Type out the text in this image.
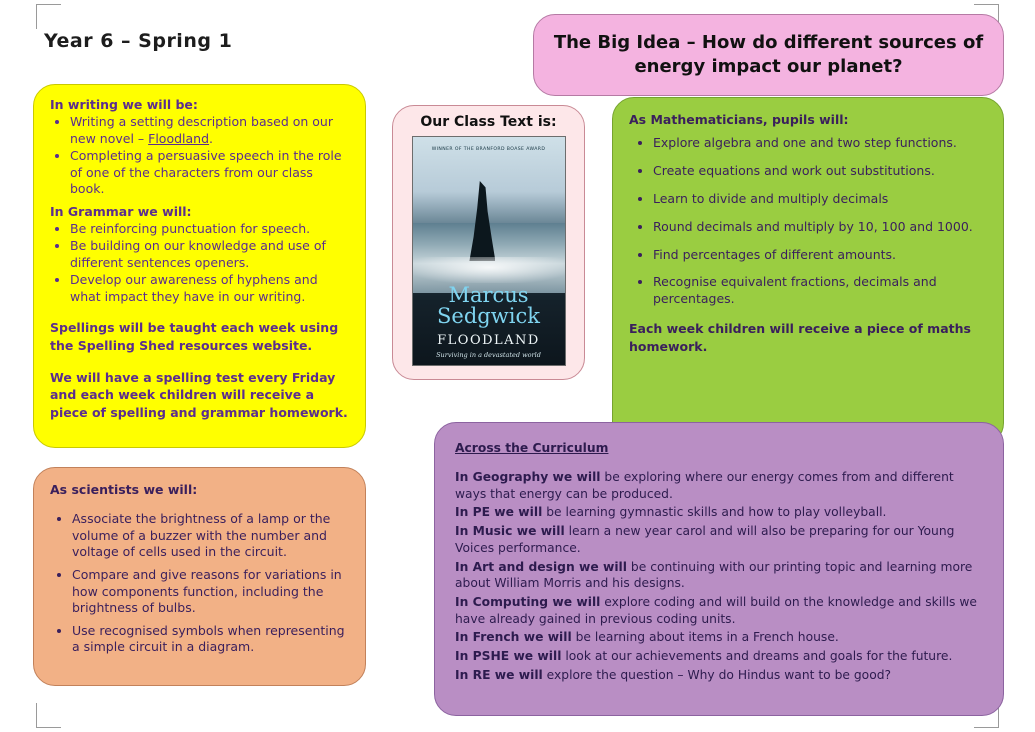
Year 6 – Spring 1	The Big Idea – How do different sources of energy impact our planet?
In writing we will be:
• Writing a setting description based on our new novel – Floodland.
• Completing a persuasive speech in the role of one of the characters from our class book.
In Grammar we will:
• Be reinforcing punctuation for speech.
• Be building on our knowledge and use of different sentences openers.
• Develop our awareness of hyphens and what impact they have in our writing.
Spellings will be taught each week using the Spelling Shed resources website.
We will have a spelling test every Friday and each week children will receive a piece of spelling and grammar homework.
Our Class Text is:
WINNER OF THE BRANFORD BOASE AWARD
Marcus
Sedgwick
FLOODLAND
Surviving in a devastated world
As Mathematicians, pupils will:
• Explore algebra and one and two step functions.
• Create equations and work out substitutions.
• Learn to divide and multiply decimals
• Round decimals and multiply by 10, 100 and 1000.
• Find percentages of different amounts.
• Recognise equivalent fractions, decimals and percentages.
Each week children will receive a piece of maths homework.
As scientists we will:
• Associate the brightness of a lamp or the volume of a buzzer with the number and voltage of cells used in the circuit.
• Compare and give reasons for variations in how components function, including the brightness of bulbs.
• Use recognised symbols when representing a simple circuit in a diagram.
Across the Curriculum

In Geography we will be exploring where our energy comes from and different ways that energy can be produced.

In PE we will be learning gymnastic skills and how to play volleyball.

In Music we will learn a new year carol and will also be preparing for our Young Voices performance.

In Art and design we will be continuing with our printing topic and learning more about William Morris and his designs.

In Computing we will explore coding and will build on the knowledge and skills we have already gained in previous coding units.

In French we will be learning about items in a French house.

In PSHE we will look at our achievements and dreams and goals for the future.

In RE we will explore the question – Why do Hindus want to be good?
